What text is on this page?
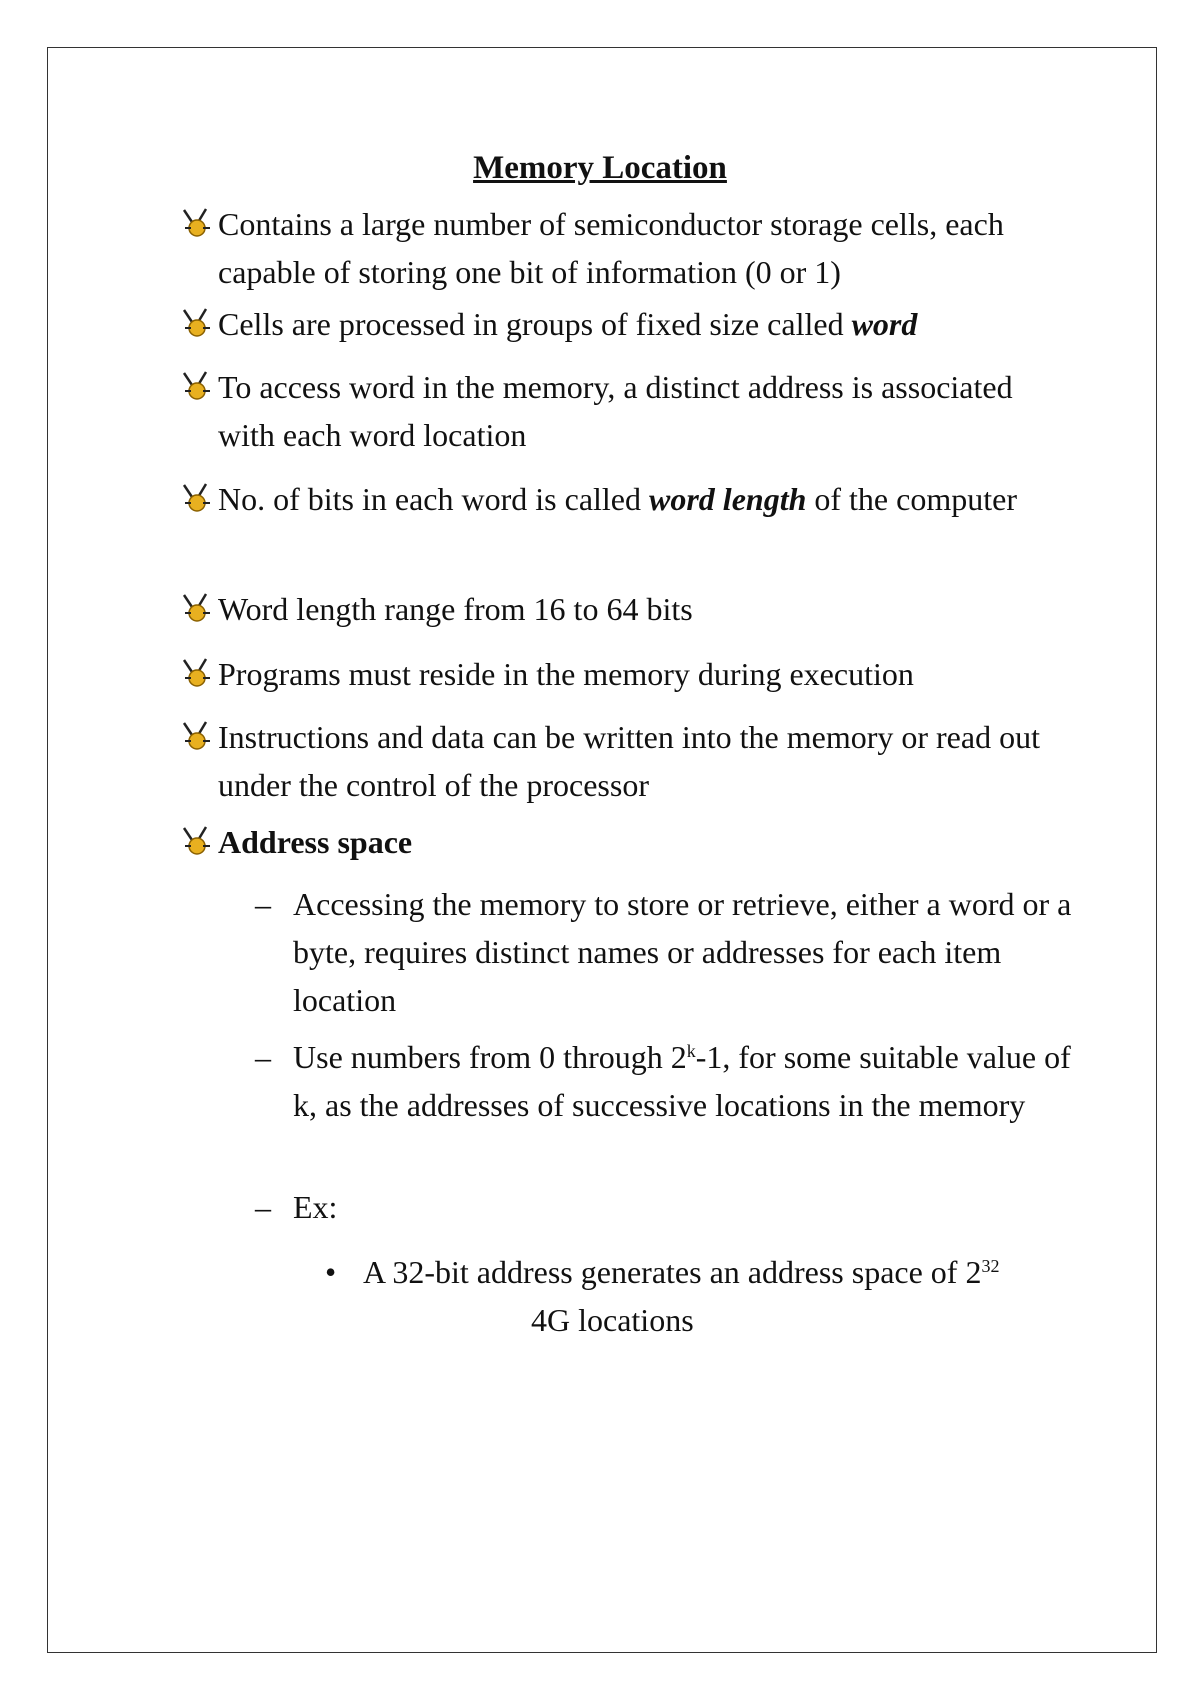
Memory Location
Contains a large number of semiconductor storage cells, each capable of storing one bit of information (0 or 1)
Cells are processed in groups of fixed size called word
To access word in the memory, a distinct address is associated with each word location
No. of bits in each word is called word length of the computer
Word length range from 16 to 64 bits
Programs must reside in the memory during execution
Instructions and data can be written into the memory or read out under the control of the processor
Address space
– Accessing the memory to store or retrieve, either a word or a byte, requires distinct names or addresses for each item location
– Use numbers from 0 through 2$^k$-1, for some suitable value of k, as the addresses of successive locations in the memory
– Ex:
• A 32-bit address generates an address space of $2^{32}4G$ locations
